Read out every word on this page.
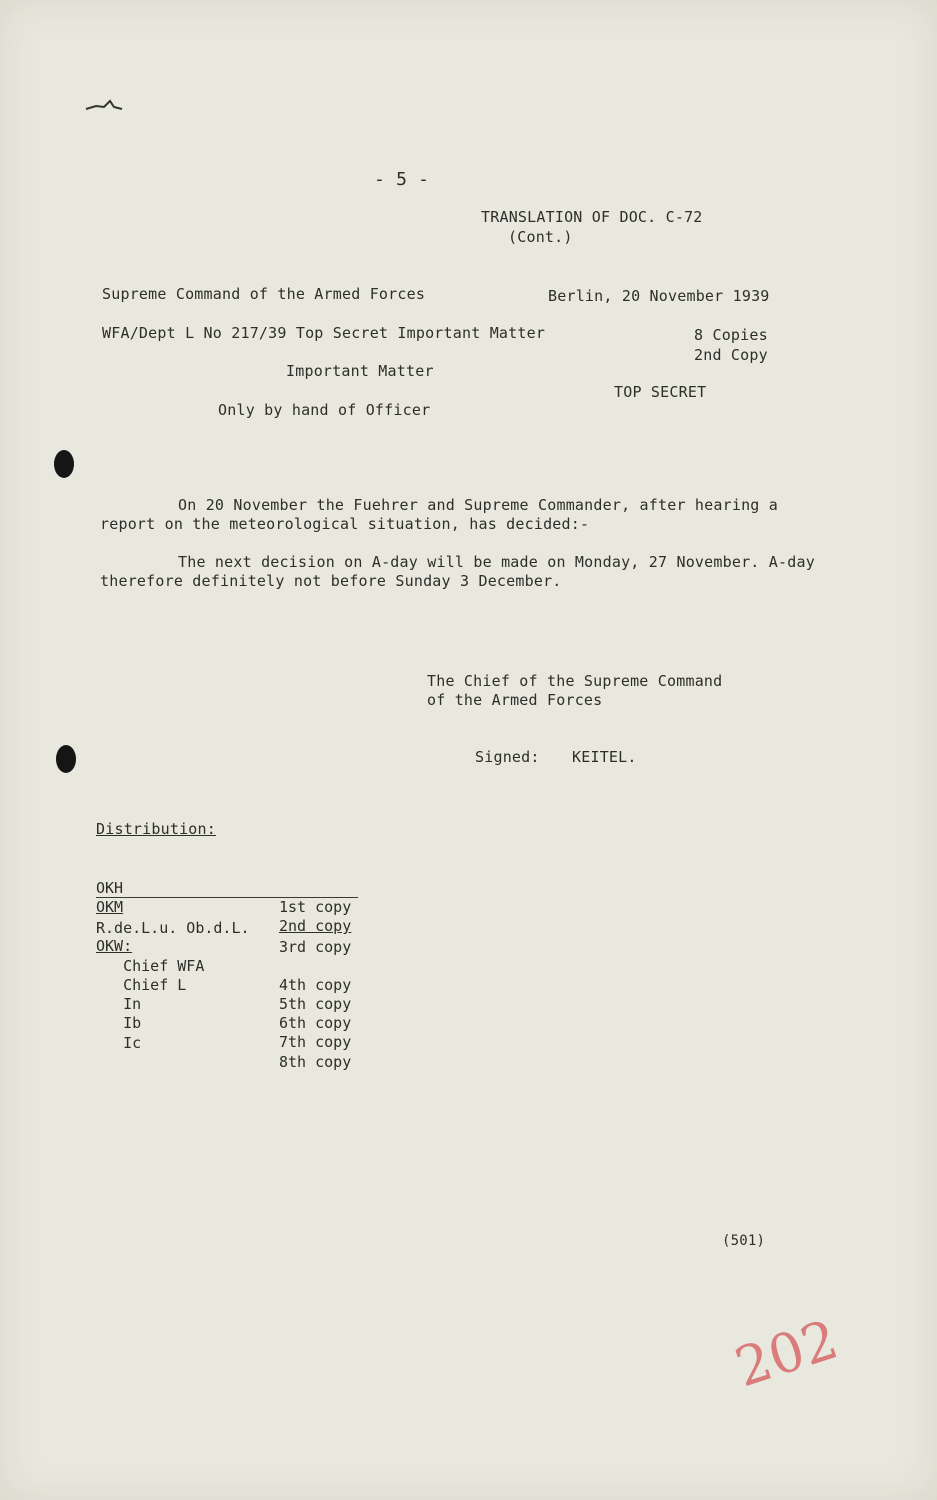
- 5 -
TRANSLATION OF DOC. C-72
(Cont.)
Supreme Command of the Armed Forces	Berlin, 20 November 1939
WFA/Dept L No 217/39 Top Secret Important Matter	8 Copies
2nd Copy
Important Matter
TOP SECRET
Only by hand of Officer
On 20 November the Fuehrer and Supreme Commander, after hearing a report on the meteorological situation, has decided:-
The next decision on A-day will be made on Monday, 27 November. A-day therefore definitely not before Sunday 3 December.
The Chief of the Supreme Command
of the Armed Forces
Signed: KEITEL.
Distribution:

OKH

1st copy

OKM

2nd copy

R.de.L.u. Ob.d.L.

3rd copy

OKW:

Chief WFA

4th copy

Chief L

5th copy

In

6th copy

Ib

7th copy

Ic

8th copy

(501)
202
